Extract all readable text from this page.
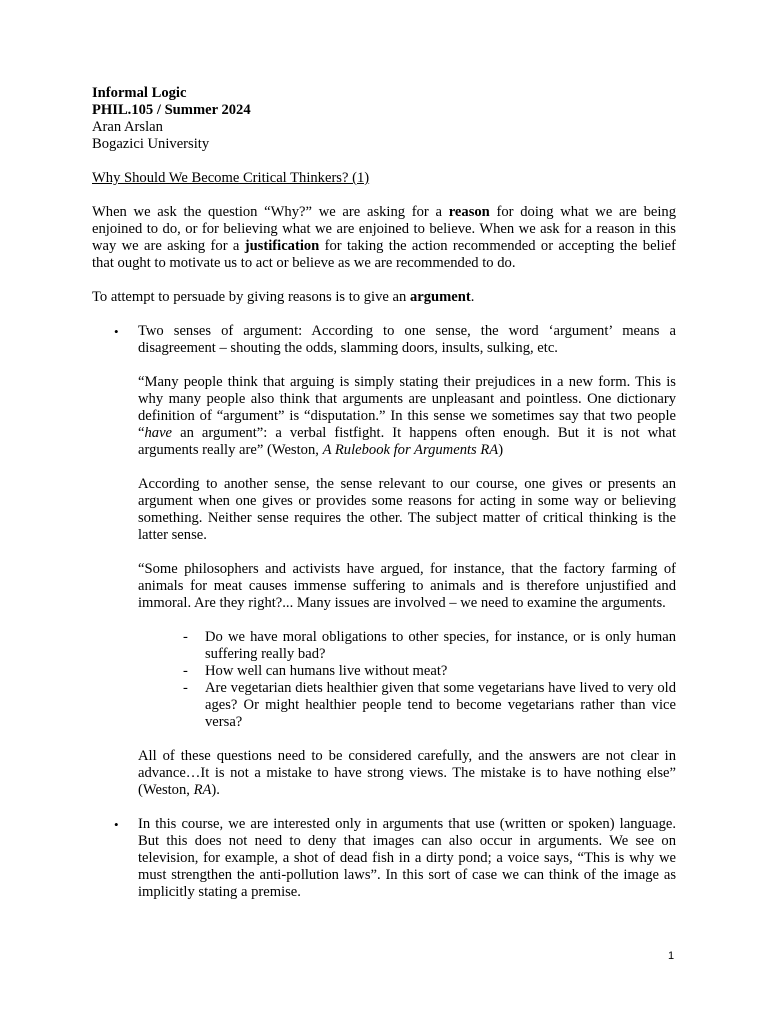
Informal Logic
PHIL.105 / Summer 2024
Aran Arslan
Bogazici University
Why Should We Become Critical Thinkers? (1)

When we ask the question “Why?” we are asking for a reason for doing what we are being enjoined to do, or for believing what we are enjoined to believe. When we ask for a reason in this way we are asking for a justification for taking the action recommended or accepting the belief that ought to motivate us to act or believe as we are recommended to do.

To attempt to persuade by giving reasons is to give an argument.

• Two senses of argument: According to one sense, the word ‘argument’ means a disagreement – shouting the odds, slamming doors, insults, sulking, etc.

“Many people think that arguing is simply stating their prejudices in a new form. This is why many people also think that arguments are unpleasant and pointless. One dictionary definition of “argument” is “disputation.” In this sense we sometimes say that two people “have an argument”: a verbal fistfight. It happens often enough. But it is not what arguments really are” (Weston, A Rulebook for Arguments RA)

According to another sense, the sense relevant to our course, one gives or presents an argument when one gives or provides some reasons for acting in some way or believing something. Neither sense requires the other. The subject matter of critical thinking is the latter sense.

“Some philosophers and activists have argued, for instance, that the factory farming of animals for meat causes immense suffering to animals and is therefore unjustified and immoral. Are they right?... Many issues are involved – we need to examine the arguments.

- Do we have moral obligations to other species, for instance, or is only human suffering really bad?
- How well can humans live without meat?
- Are vegetarian diets healthier given that some vegetarians have lived to very old ages? Or might healthier people tend to become vegetarians rather than vice versa?

All of these questions need to be considered carefully, and the answers are not clear in advance…It is not a mistake to have strong views. The mistake is to have nothing else” (Weston, RA).

• In this course, we are interested only in arguments that use (written or spoken) language. But this does not need to deny that images can also occur in arguments. We see on television, for example, a shot of dead fish in a dirty pond; a voice says, “This is why we must strengthen the anti-pollution laws”. In this sort of case we can think of the image as implicitly stating a premise.

1
